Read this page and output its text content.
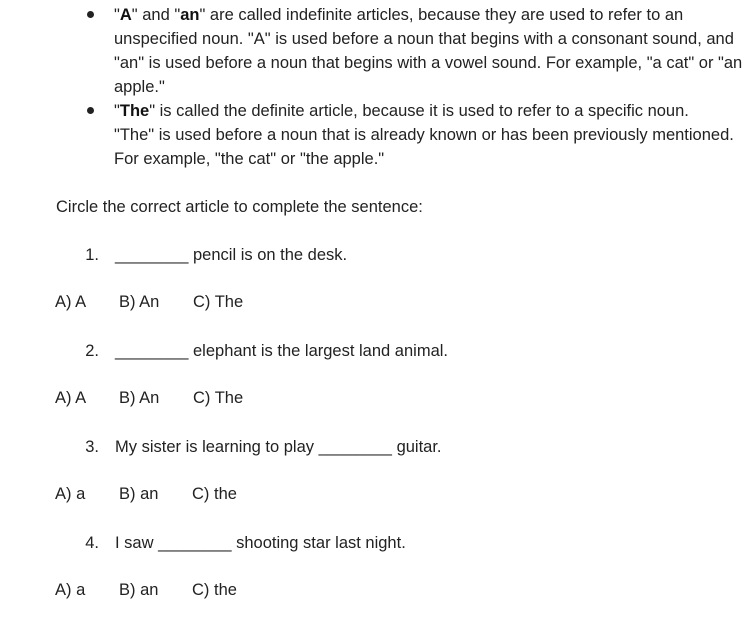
"A" and "an" are called indefinite articles, because they are used to refer to an
unspecified noun. "A" is used before a noun that begins with a consonant sound, and
"an" is used before a noun that begins with a vowel sound. For example, "a cat" or "an
apple."
"The" is called the definite article, because it is used to refer to a specific noun.
"The" is used before a noun that is already known or has been previously mentioned.
For example, "the cat" or "the apple."
Circle the correct article to complete the sentence:
1. ________ pencil is on the desk.
A) A B) An C) The
2. ________ elephant is the largest land animal.
A) A B) An C) The
3. My sister is learning to play ________ guitar.
A) a B) an C) the
4. I saw ________ shooting star last night.
A) a B) an C) the
